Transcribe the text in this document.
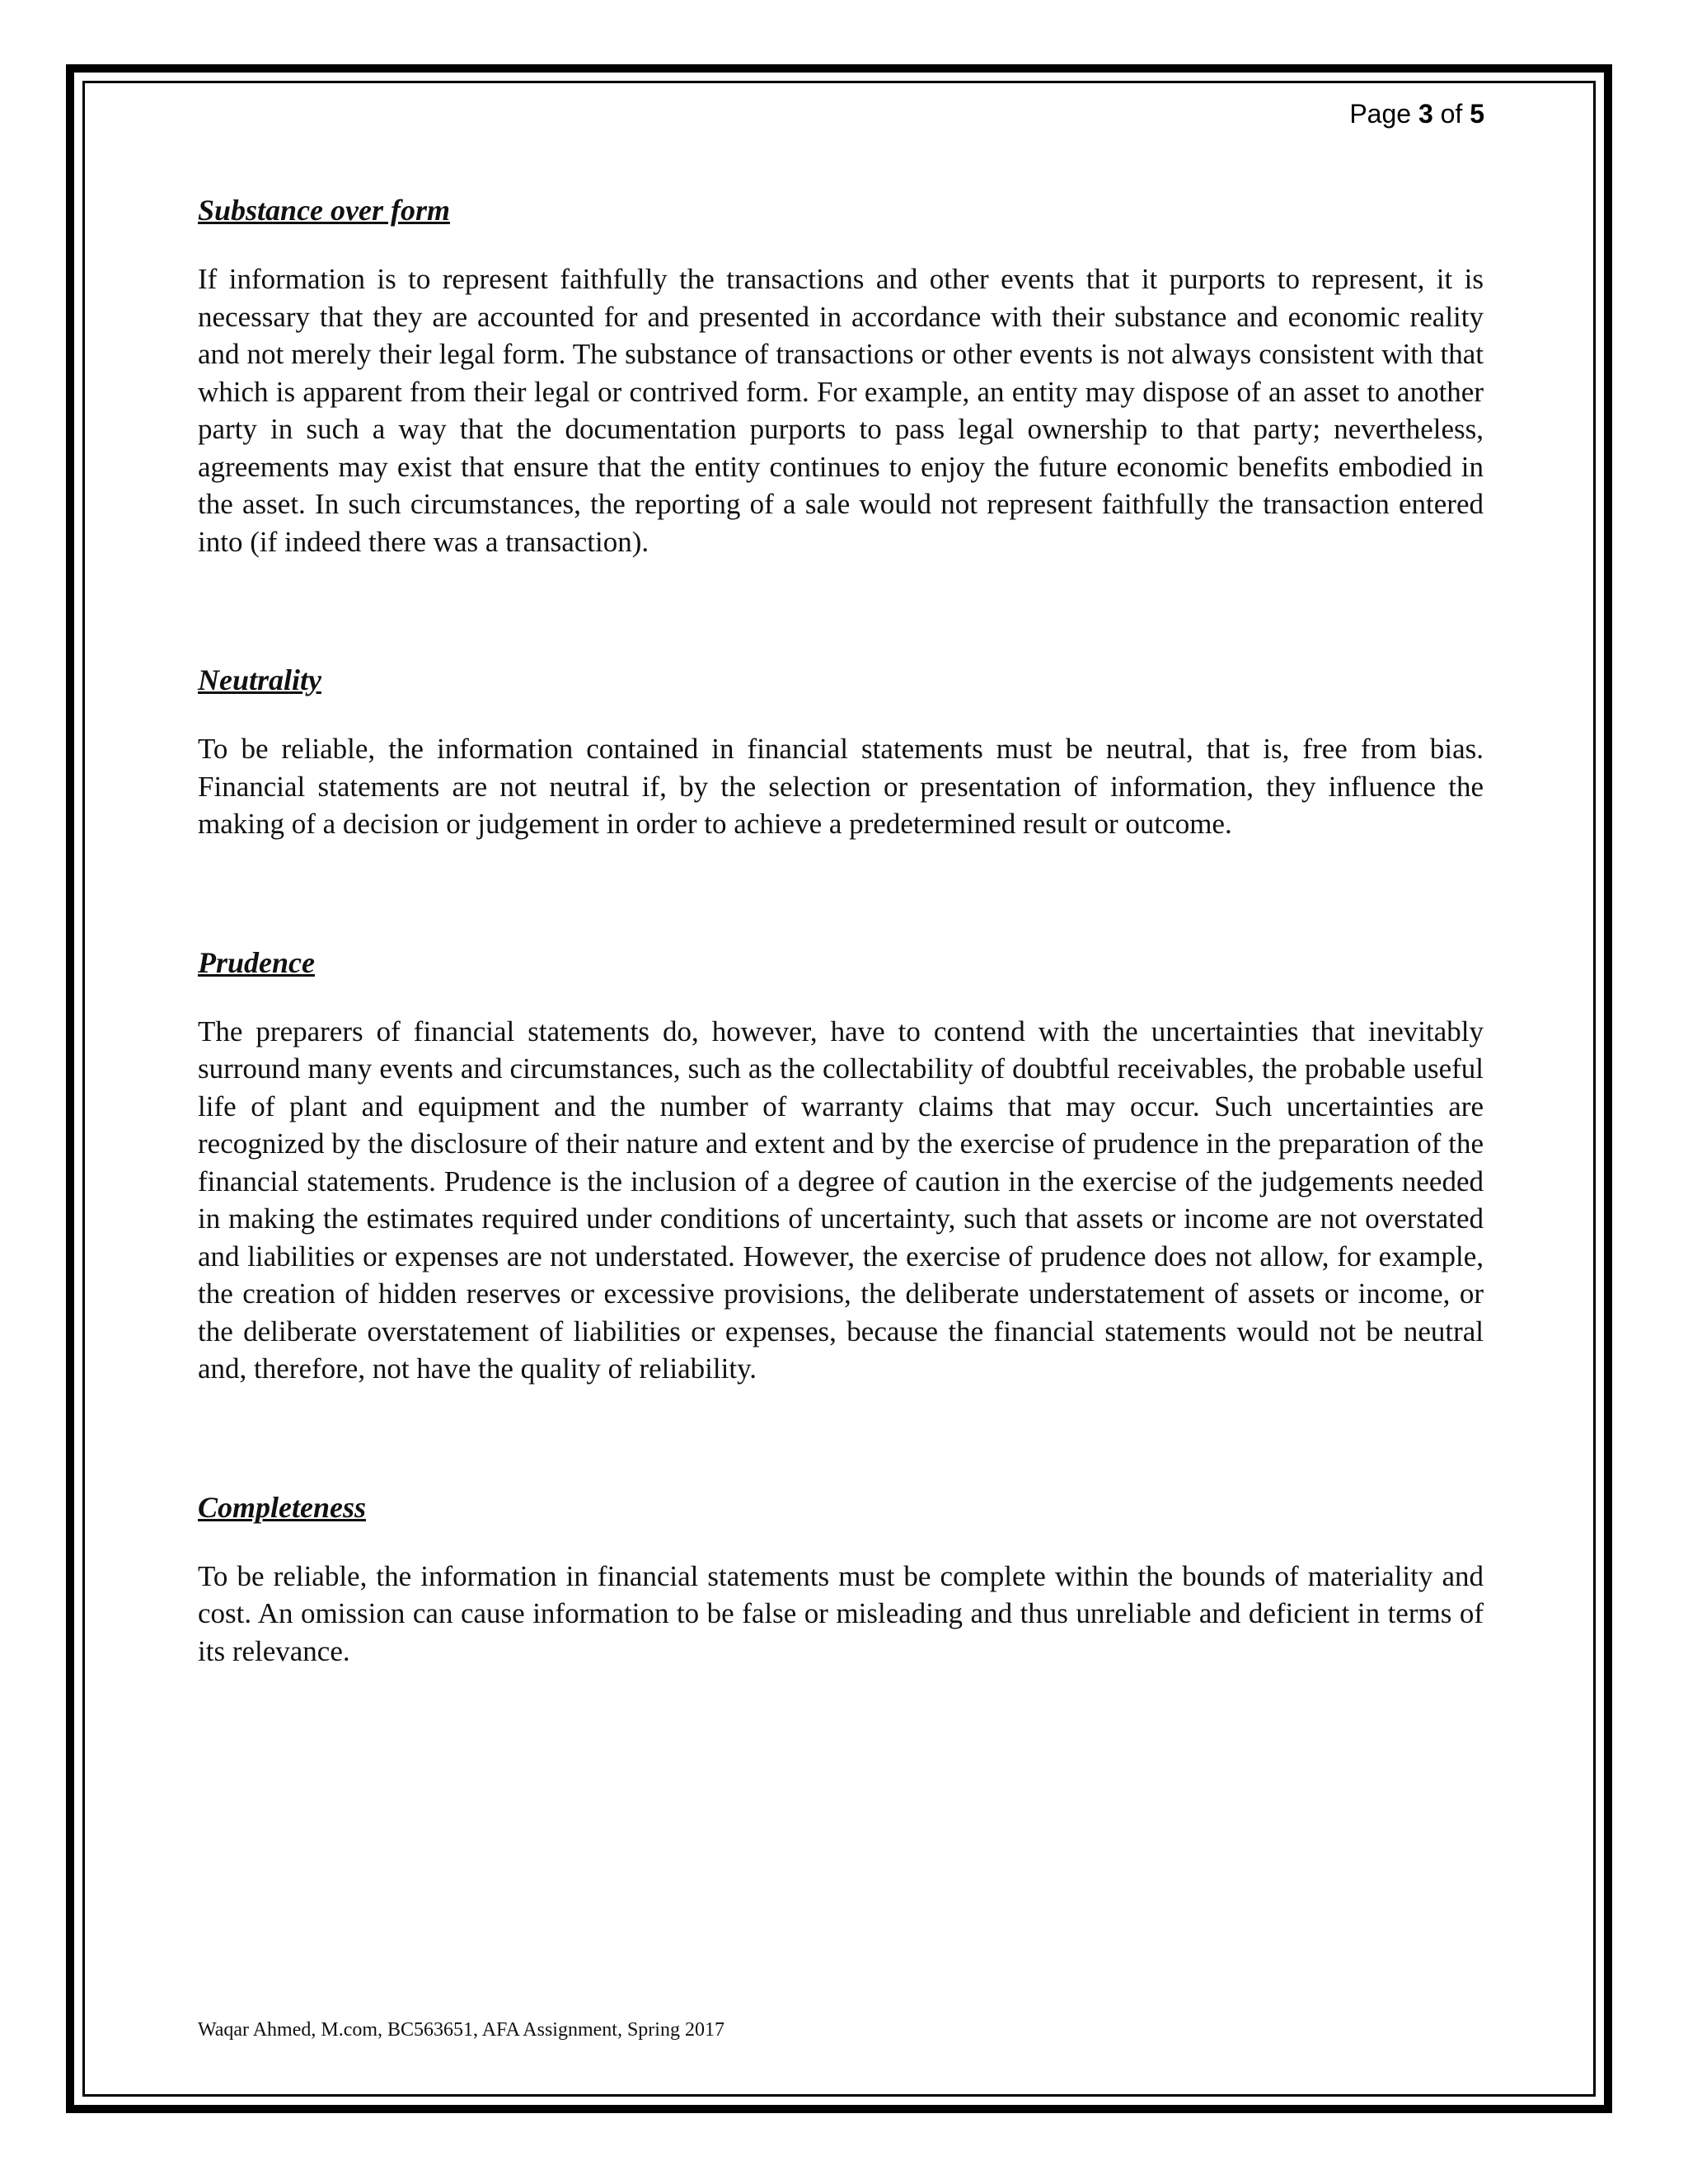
Page 3 of 5
Substance over form

If information is to represent faithfully the transactions and other events that it purports to represent, it is necessary that they are accounted for and presented in accordance with their substance and economic reality and not merely their legal form. The substance of transactions or other events is not always consistent with that which is apparent from their legal or contrived form. For example, an entity may dispose of an asset to another party in such a way that the documentation purports to pass legal ownership to that party; nevertheless, agreements may exist that ensure that the entity continues to enjoy the future economic benefits embodied in the asset. In such circumstances, the reporting of a sale would not represent faithfully the transaction entered into (if indeed there was a transaction).

Neutrality

To be reliable, the information contained in financial statements must be neutral, that is, free from bias. Financial statements are not neutral if, by the selection or presentation of information, they influence the making of a decision or judgement in order to achieve a predetermined result or outcome.

Prudence

The preparers of financial statements do, however, have to contend with the uncertainties that inevitably surround many events and circumstances, such as the collectability of doubtful receivables, the probable useful life of plant and equipment and the number of warranty claims that may occur. Such uncertainties are recognized by the disclosure of their nature and extent and by the exercise of prudence in the preparation of the financial statements. Prudence is the inclusion of a degree of caution in the exercise of the judgements needed in making the estimates required under conditions of uncertainty, such that assets or income are not overstated and liabilities or expenses are not understated. However, the exercise of prudence does not allow, for example, the creation of hidden reserves or excessive provisions, the deliberate understatement of assets or income, or the deliberate overstatement of liabilities or expenses, because the financial statements would not be neutral and, therefore, not have the quality of reliability.

Completeness

To be reliable, the information in financial statements must be complete within the bounds of materiality and cost. An omission can cause information to be false or misleading and thus unreliable and deficient in terms of its relevance.

Waqar Ahmed, M.com, BC563651, AFA Assignment, Spring 2017
